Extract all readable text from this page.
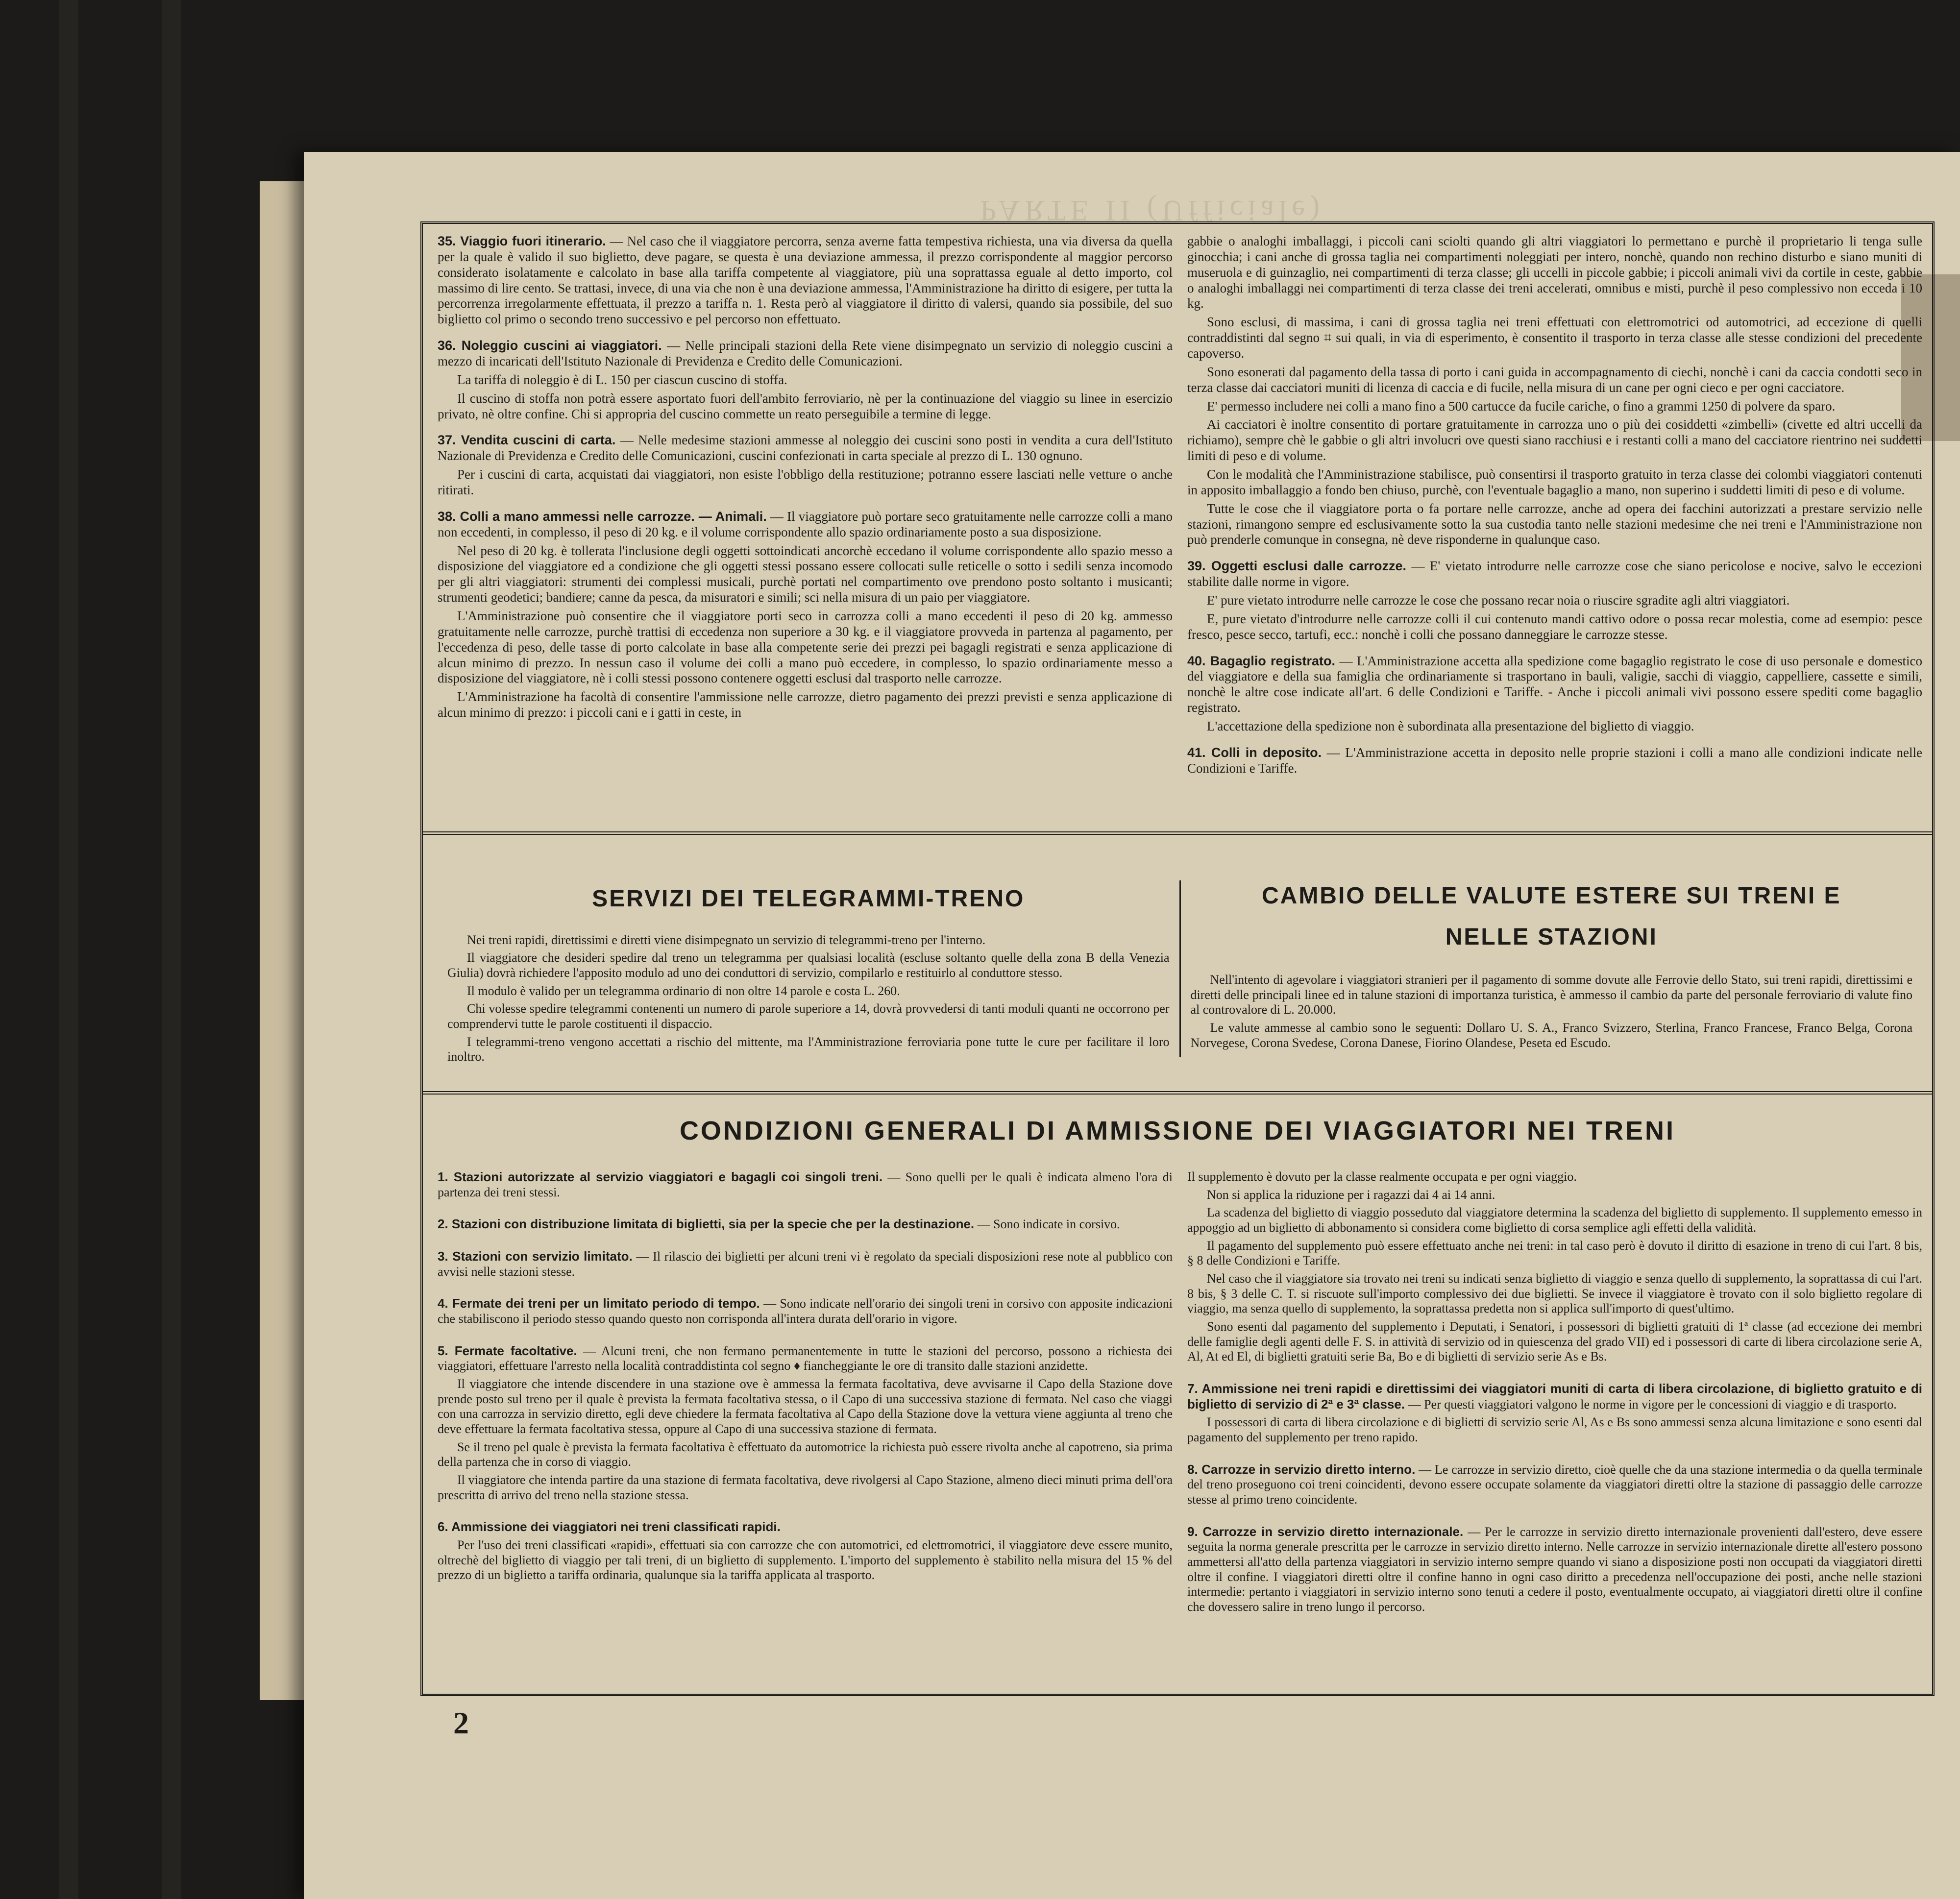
PARTE II (Ufficiale)

35. Viaggio fuori itinerario. — Nel caso che il viaggiatore percorra, senza averne fatta tempestiva richiesta, una via diversa da quella per la quale è valido il suo biglietto, deve pagare, se questa è una deviazione ammessa, il prezzo corrispondente al maggior percorso considerato isolatamente e calcolato in base alla tariffa competente al viaggiatore, più una soprattassa eguale al detto importo, col massimo di lire cento. Se trattasi, invece, di una via che non è una deviazione ammessa, l'Amministrazione ha diritto di esigere, per tutta la percorrenza irregolarmente effettuata, il prezzo a tariffa n. 1. Resta però al viaggiatore il diritto di valersi, quando sia possibile, del suo biglietto col primo o secondo treno successivo e pel percorso non effettuato.

36. Noleggio cuscini ai viaggiatori. — Nelle principali stazioni della Rete viene disimpegnato un servizio di noleggio cuscini a mezzo di incaricati dell'Istituto Nazionale di Previdenza e Credito delle Comunicazioni.

La tariffa di noleggio è di L. 150 per ciascun cuscino di stoffa.

Il cuscino di stoffa non potrà essere asportato fuori dell'ambito ferroviario, nè per la continuazione del viaggio su linee in esercizio privato, nè oltre confine. Chi si appropria del cuscino commette un reato perseguibile a termine di legge.

37. Vendita cuscini di carta. — Nelle medesime stazioni ammesse al noleggio dei cuscini sono posti in vendita a cura dell'Istituto Nazionale di Previdenza e Credito delle Comunicazioni, cuscini confezionati in carta speciale al prezzo di L. 130 ognuno.

Per i cuscini di carta, acquistati dai viaggiatori, non esiste l'obbligo della restituzione; potranno essere lasciati nelle vetture o anche ritirati.

38. Colli a mano ammessi nelle carrozze. — Animali. — Il viaggiatore può portare seco gratuitamente nelle carrozze colli a mano non eccedenti, in complesso, il peso di 20 kg. e il volume corrispondente allo spazio ordinariamente posto a sua disposizione.

Nel peso di 20 kg. è tollerata l'inclusione degli oggetti sottoindicati ancorchè eccedano il volume corrispondente allo spazio messo a disposizione del viaggiatore ed a condizione che gli oggetti stessi possano essere collocati sulle reticelle o sotto i sedili senza incomodo per gli altri viaggiatori: strumenti dei complessi musicali, purchè portati nel compartimento ove prendono posto soltanto i musicanti; strumenti geodetici; bandiere; canne da pesca, da misuratori e simili; sci nella misura di un paio per viaggiatore.

L'Amministrazione può consentire che il viaggiatore porti seco in carrozza colli a mano eccedenti il peso di 20 kg. ammesso gratuitamente nelle carrozze, purchè trattisi di eccedenza non superiore a 30 kg. e il viaggiatore provveda in partenza al pagamento, per l'eccedenza di peso, delle tasse di porto calcolate in base alla competente serie dei prezzi pei bagagli registrati e senza applicazione di alcun minimo di prezzo. In nessun caso il volume dei colli a mano può eccedere, in complesso, lo spazio ordinariamente messo a disposizione del viaggiatore, nè i colli stessi possono contenere oggetti esclusi dal trasporto nelle carrozze.

L'Amministrazione ha facoltà di consentire l'ammissione nelle carrozze, dietro pagamento dei prezzi previsti e senza applicazione di alcun minimo di prezzo: i piccoli cani e i gatti in ceste, in

gabbie o analoghi imballaggi, i piccoli cani sciolti quando gli altri viaggiatori lo permettano e purchè il proprietario li tenga sulle ginocchia; i cani anche di grossa taglia nei compartimenti noleggiati per intero, nonchè, quando non rechino disturbo e siano muniti di museruola e di guinzaglio, nei compartimenti di terza classe; gli uccelli in piccole gabbie; i piccoli animali vivi da cortile in ceste, gabbie o analoghi imballaggi nei compartimenti di terza classe dei treni accelerati, omnibus e misti, purchè il peso complessivo non ecceda i 10 kg.

Sono esclusi, di massima, i cani di grossa taglia nei treni effettuati con elettromotrici od automotrici, ad eccezione di quelli contraddistinti dal segno ⌗ sui quali, in via di esperimento, è consentito il trasporto in terza classe alle stesse condizioni del precedente capoverso.

Sono esonerati dal pagamento della tassa di porto i cani guida in accompagnamento di ciechi, nonchè i cani da caccia condotti seco in terza classe dai cacciatori muniti di licenza di caccia e di fucile, nella misura di un cane per ogni cieco e per ogni cacciatore.

E' permesso includere nei colli a mano fino a 500 cartucce da fucile cariche, o fino a grammi 1250 di polvere da sparo.

Ai cacciatori è inoltre consentito di portare gratuitamente in carrozza uno o più dei cosiddetti «zimbelli» (civette ed altri uccelli da richiamo), sempre chè le gabbie o gli altri involucri ove questi siano racchiusi e i restanti colli a mano del cacciatore rientrino nei suddetti limiti di peso e di volume.

Con le modalità che l'Amministrazione stabilisce, può consentirsi il trasporto gratuito in terza classe dei colombi viaggiatori contenuti in apposito imballaggio a fondo ben chiuso, purchè, con l'eventuale bagaglio a mano, non superino i suddetti limiti di peso e di volume.

Tutte le cose che il viaggiatore porta o fa portare nelle carrozze, anche ad opera dei facchini autorizzati a prestare servizio nelle stazioni, rimangono sempre ed esclusivamente sotto la sua custodia tanto nelle stazioni medesime che nei treni e l'Amministrazione non può prenderle comunque in consegna, nè deve risponderne in qualunque caso.

39. Oggetti esclusi dalle carrozze. — E' vietato introdurre nelle carrozze cose che siano pericolose e nocive, salvo le eccezioni stabilite dalle norme in vigore.

E' pure vietato introdurre nelle carrozze le cose che possano recar noia o riuscire sgradite agli altri viaggiatori.

E, pure vietato d'introdurre nelle carrozze colli il cui contenuto mandi cattivo odore o possa recar molestia, come ad esempio: pesce fresco, pesce secco, tartufi, ecc.: nonchè i colli che possano danneggiare le carrozze stesse.

40. Bagaglio registrato. — L'Amministrazione accetta alla spedizione come bagaglio registrato le cose di uso personale e domestico del viaggiatore e della sua famiglia che ordinariamente si trasportano in bauli, valigie, sacchi di viaggio, cappelliere, cassette e simili, nonchè le altre cose indicate all'art. 6 delle Condizioni e Tariffe. - Anche i piccoli animali vivi possono essere spediti come bagaglio registrato.

L'accettazione della spedizione non è subordinata alla presentazione del biglietto di viaggio.

41. Colli in deposito. — L'Amministrazione accetta in deposito nelle proprie stazioni i colli a mano alle condizioni indicate nelle Condizioni e Tariffe.

SERVIZI DEI TELEGRAMMI-TRENO

Nei treni rapidi, direttissimi e diretti viene disimpegnato un servizio di telegrammi-treno per l'interno.

Il viaggiatore che desideri spedire dal treno un telegramma per qualsiasi località (escluse soltanto quelle della zona B della Venezia Giulia) dovrà richiedere l'apposito modulo ad uno dei conduttori di servizio, compilarlo e restituirlo al conduttore stesso.

Il modulo è valido per un telegramma ordinario di non oltre 14 parole e costa L. 260.

Chi volesse spedire telegrammi contenenti un numero di parole superiore a 14, dovrà provvedersi di tanti moduli quanti ne occorrono per comprendervi tutte le parole costituenti il dispaccio.

I telegrammi-treno vengono accettati a rischio del mittente, ma l'Amministrazione ferroviaria pone tutte le cure per facilitare il loro inoltro.

CAMBIO DELLE VALUTE ESTERE SUI TRENI E
NELLE STAZIONI

Nell'intento di agevolare i viaggiatori stranieri per il pagamento di somme dovute alle Ferrovie dello Stato, sui treni rapidi, direttissimi e diretti delle principali linee ed in talune stazioni di importanza turistica, è ammesso il cambio da parte del personale ferroviario di valute fino al controvalore di L. 20.000.

Le valute ammesse al cambio sono le seguenti: Dollaro U. S. A., Franco Svizzero, Sterlina, Franco Francese, Franco Belga, Corona Norvegese, Corona Svedese, Corona Danese, Fiorino Olandese, Peseta ed Escudo.

CONDIZIONI GENERALI DI AMMISSIONE DEI VIAGGIATORI NEI TRENI

1. Stazioni autorizzate al servizio viaggiatori e bagagli coi singoli treni. — Sono quelli per le quali è indicata almeno l'ora di partenza dei treni stessi.

2. Stazioni con distribuzione limitata di biglietti, sia per la specie che per la destinazione. — Sono indicate in corsivo.

3. Stazioni con servizio limitato. — Il rilascio dei biglietti per alcuni treni vi è regolato da speciali disposizioni rese note al pubblico con avvisi nelle stazioni stesse.

4. Fermate dei treni per un limitato periodo di tempo. — Sono indicate nell'orario dei singoli treni in corsivo con apposite indicazioni che stabiliscono il periodo stesso quando questo non corrisponda all'intera durata dell'orario in vigore.

5. Fermate facoltative. — Alcuni treni, che non fermano permanentemente in tutte le stazioni del percorso, possono a richiesta dei viaggiatori, effettuare l'arresto nella località contraddistinta col segno ♦ fiancheggiante le ore di transito dalle stazioni anzidette.

Il viaggiatore che intende discendere in una stazione ove è ammessa la fermata facoltativa, deve avvisarne il Capo della Stazione dove prende posto sul treno per il quale è prevista la fermata facoltativa stessa, o il Capo di una successiva stazione di fermata. Nel caso che viaggi con una carrozza in servizio diretto, egli deve chiedere la fermata facoltativa al Capo della Stazione dove la vettura viene aggiunta al treno che deve effettuare la fermata facoltativa stessa, oppure al Capo di una successiva stazione di fermata.

Se il treno pel quale è prevista la fermata facoltativa è effettuato da automotrice la richiesta può essere rivolta anche al capotreno, sia prima della partenza che in corso di viaggio.

Il viaggiatore che intenda partire da una stazione di fermata facoltativa, deve rivolgersi al Capo Stazione, almeno dieci minuti prima dell'ora prescritta di arrivo del treno nella stazione stessa.

6. Ammissione dei viaggiatori nei treni classificati rapidi.

Per l'uso dei treni classificati «rapidi», effettuati sia con carrozze che con automotrici, ed elettromotrici, il viaggiatore deve essere munito, oltrechè del biglietto di viaggio per tali treni, di un biglietto di supplemento. L'importo del supplemento è stabilito nella misura del 15 % del prezzo di un biglietto a tariffa ordinaria, qualunque sia la tariffa applicata al trasporto.

Il supplemento è dovuto per la classe realmente occupata e per ogni viaggio.

Non si applica la riduzione per i ragazzi dai 4 ai 14 anni.

La scadenza del biglietto di viaggio posseduto dal viaggiatore determina la scadenza del biglietto di supplemento. Il supplemento emesso in appoggio ad un biglietto di abbonamento si considera come biglietto di corsa semplice agli effetti della validità.

Il pagamento del supplemento può essere effettuato anche nei treni: in tal caso però è dovuto il diritto di esazione in treno di cui l'art. 8 bis, § 8 delle Condizioni e Tariffe.

Nel caso che il viaggiatore sia trovato nei treni su indicati senza biglietto di viaggio e senza quello di supplemento, la soprattassa di cui l'art. 8 bis, § 3 delle C. T. si riscuote sull'importo complessivo dei due biglietti. Se invece il viaggiatore è trovato con il solo biglietto regolare di viaggio, ma senza quello di supplemento, la soprattassa predetta non si applica sull'importo di quest'ultimo.

Sono esenti dal pagamento del supplemento i Deputati, i Senatori, i possessori di biglietti gratuiti di 1ª classe (ad eccezione dei membri delle famiglie degli agenti delle F. S. in attività di servizio od in quiescenza del grado VII) ed i possessori di carte di libera circolazione serie A, Al, At ed El, di biglietti gratuiti serie Ba, Bo e di biglietti di servizio serie As e Bs.

7. Ammissione nei treni rapidi e direttissimi dei viaggiatori muniti di carta di libera circolazione, di biglietto gratuito e di biglietto di servizio di 2ª e 3ª classe. — Per questi viaggiatori valgono le norme in vigore per le concessioni di viaggio e di trasporto.

I possessori di carta di libera circolazione e di biglietti di servizio serie Al, As e Bs sono ammessi senza alcuna limitazione e sono esenti dal pagamento del supplemento per treno rapido.

8. Carrozze in servizio diretto interno. — Le carrozze in servizio diretto, cioè quelle che da una stazione intermedia o da quella terminale del treno proseguono coi treni coincidenti, devono essere occupate solamente da viaggiatori diretti oltre la stazione di passaggio delle carrozze stesse al primo treno coincidente.

9. Carrozze in servizio diretto internazionale. — Per le carrozze in servizio diretto internazionale provenienti dall'estero, deve essere seguita la norma generale prescritta per le carrozze in servizio diretto interno. Nelle carrozze in servizio internazionale dirette all'estero possono ammettersi all'atto della partenza viaggiatori in servizio interno sempre quando vi siano a disposizione posti non occupati da viaggiatori diretti oltre il confine. I viaggiatori diretti oltre il confine hanno in ogni caso diritto a precedenza nell'occupazione dei posti, anche nelle stazioni intermedie: pertanto i viaggiatori in servizio interno sono tenuti a cedere il posto, eventualmente occupato, ai viaggiatori diretti oltre il confine che dovessero salire in treno lungo il percorso.

2
